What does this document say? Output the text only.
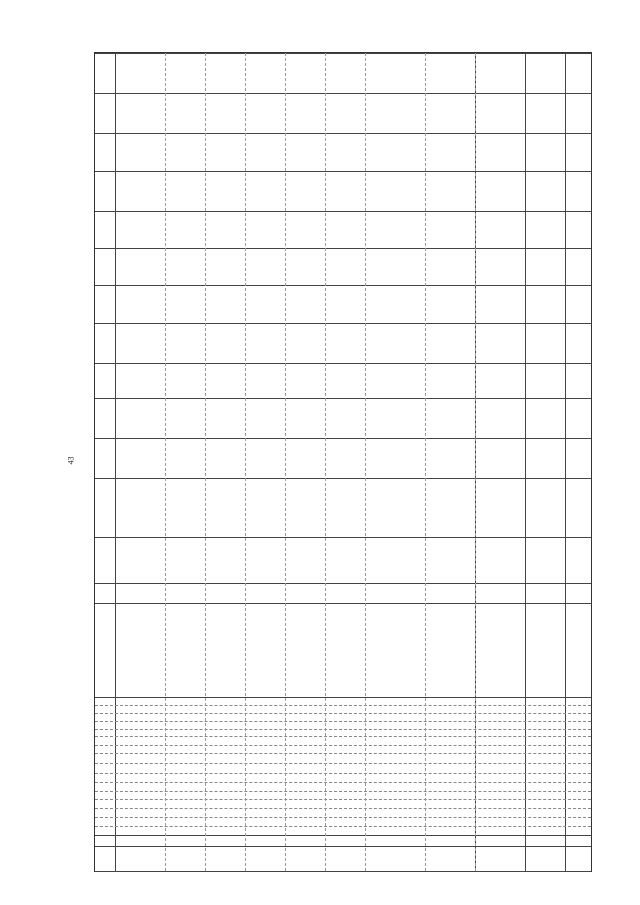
43
